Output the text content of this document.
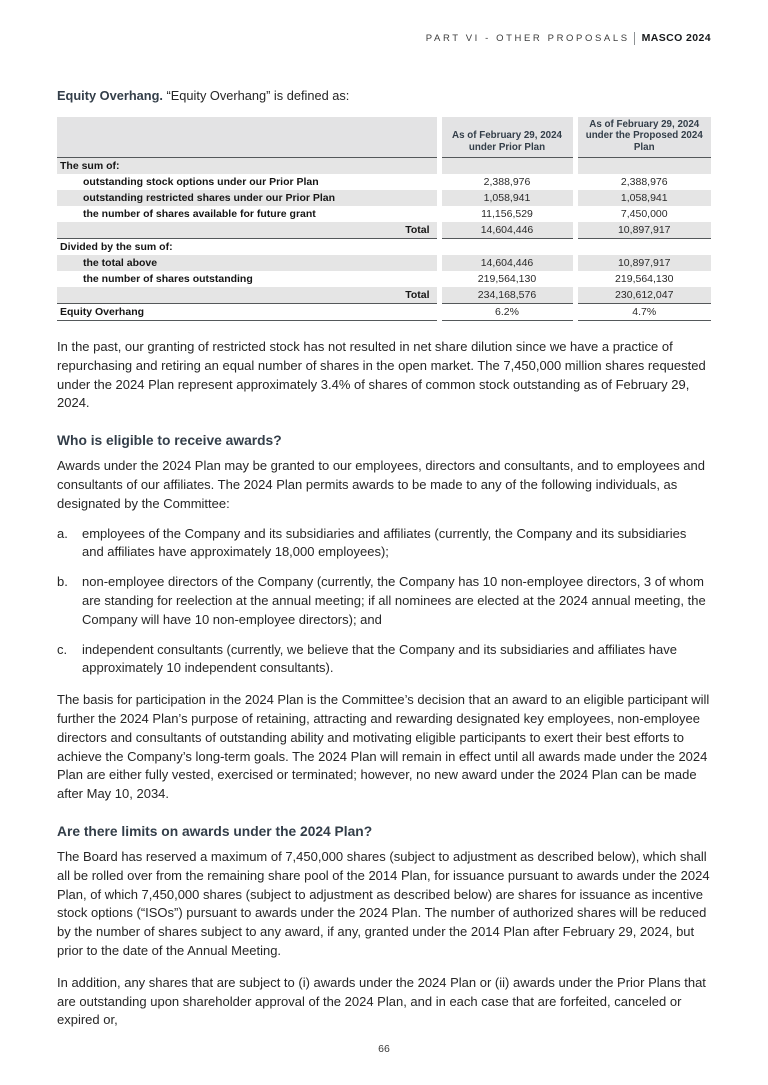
PART VI - OTHER PROPOSALS MASCO 2024

Equity Overhang. “Equity Overhang” is defined as:

	As of February 29, 2024 under Prior Plan	As of February 29, 2024 under the Proposed 2024 Plan
The sum of:		
outstanding stock options under our Prior Plan	2,388,976	2,388,976
outstanding restricted shares under our Prior Plan	1,058,941	1,058,941
the number of shares available for future grant	11,156,529	7,450,000
Total	14,604,446	10,897,917
Divided by the sum of:		
the total above	14,604,446	10,897,917
the number of shares outstanding	219,564,130	219,564,130
Total	234,168,576	230,612,047
Equity Overhang	6.2%	4.7%

In the past, our granting of restricted stock has not resulted in net share dilution since we have a practice of repurchasing and retiring an equal number of shares in the open market. The 7,450,000 million shares requested under the 2024 Plan represent approximately 3.4% of shares of common stock outstanding as of February 29, 2024.

Who is eligible to receive awards?

Awards under the 2024 Plan may be granted to our employees, directors and consultants, and to employees and consultants of our affiliates. The 2024 Plan permits awards to be made to any of the following individuals, as designated by the Committee:

a.	employees of the Company and its subsidiaries and affiliates (currently, the Company and its subsidiaries and affiliates have approximately 18,000 employees);
b.	non-employee directors of the Company (currently, the Company has 10 non-employee directors, 3 of whom are standing for reelection at the annual meeting; if all nominees are elected at the 2024 annual meeting, the Company will have 10 non-employee directors); and
c.	independent consultants (currently, we believe that the Company and its subsidiaries and affiliates have approximately 10 independent consultants).

The basis for participation in the 2024 Plan is the Committee’s decision that an award to an eligible participant will further the 2024 Plan’s purpose of retaining, attracting and rewarding designated key employees, non-employee directors and consultants of outstanding ability and motivating eligible participants to exert their best efforts to achieve the Company’s long-term goals. The 2024 Plan will remain in effect until all awards made under the 2024 Plan are either fully vested, exercised or terminated; however, no new award under the 2024 Plan can be made after May 10, 2034.

Are there limits on awards under the 2024 Plan?

The Board has reserved a maximum of 7,450,000 shares (subject to adjustment as described below), which shall all be rolled over from the remaining share pool of the 2014 Plan, for issuance pursuant to awards under the 2024 Plan, of which 7,450,000 shares (subject to adjustment as described below) are shares for issuance as incentive stock options (“ISOs”) pursuant to awards under the 2024 Plan. The number of authorized shares will be reduced by the number of shares subject to any award, if any, granted under the 2014 Plan after February 29, 2024, but prior to the date of the Annual Meeting.

In addition, any shares that are subject to (i) awards under the 2024 Plan or (ii) awards under the Prior Plans that are outstanding upon shareholder approval of the 2024 Plan, and in each case that are forfeited, canceled or expired or,

66
